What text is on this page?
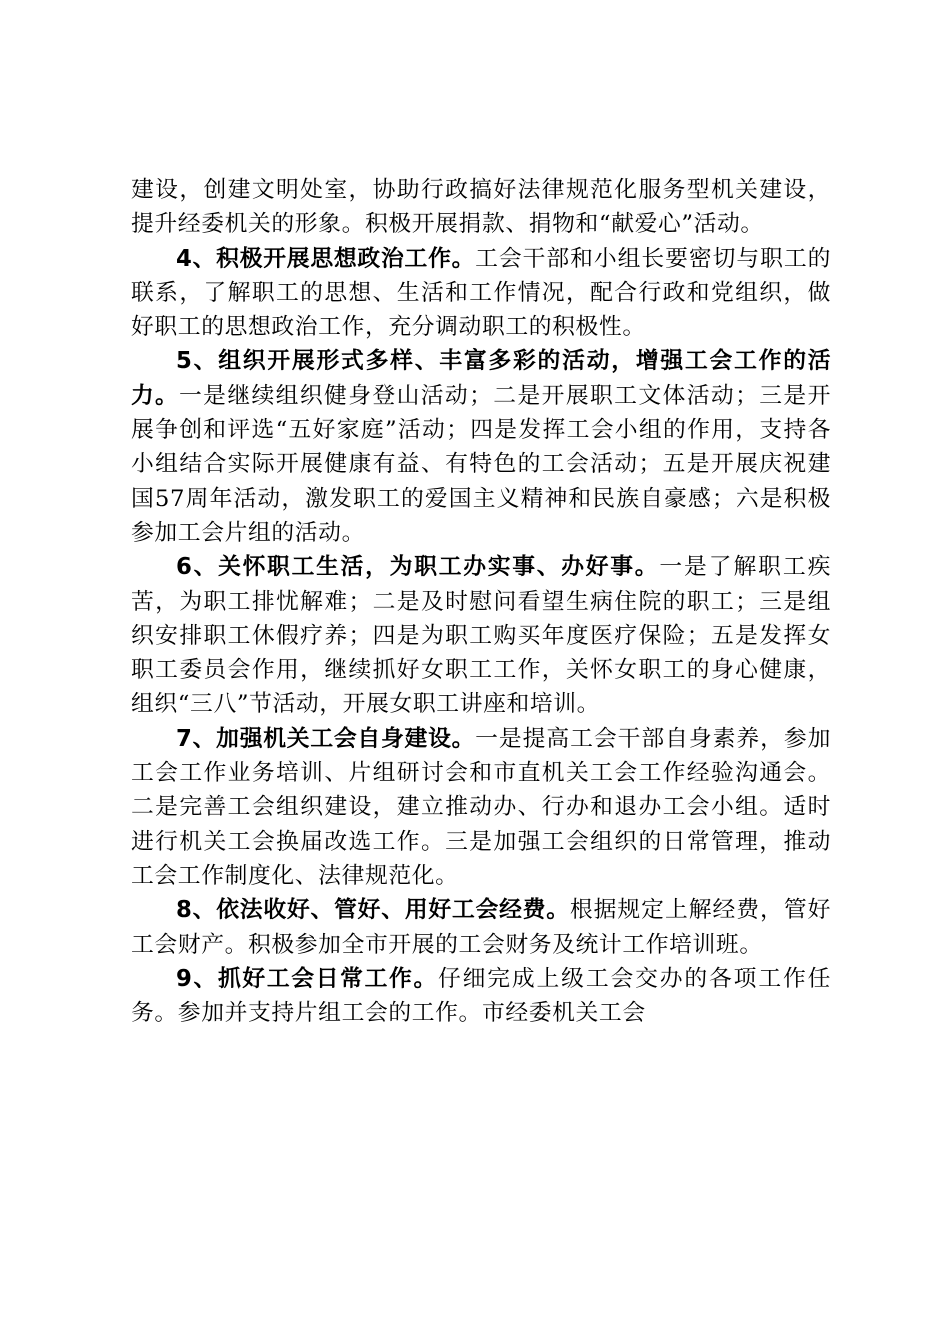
建设，创建文明处室，协助行政搞好法律规范化服务型机关建设，提升经委机关的形象。积极开展捐款、捐物和“献爱心”活动。

4、积极开展思想政治工作。工会干部和小组长要密切与职工的联系，了解职工的思想、生活和工作情况，配合行政和党组织，做好职工的思想政治工作，充分调动职工的积极性。

5、组织开展形式多样、丰富多彩的活动，增强工会工作的活力。一是继续组织健身登山活动；二是开展职工文体活动；三是开展争创和评选“五好家庭”活动；四是发挥工会小组的作用，支持各小组结合实际开展健康有益、有特色的工会活动；五是开展庆祝建国57周年活动，激发职工的爱国主义精神和民族自豪感；六是积极参加工会片组的活动。

6、关怀职工生活，为职工办实事、办好事。一是了解职工疾苦，为职工排忧解难；二是及时慰问看望生病住院的职工；三是组织安排职工休假疗养；四是为职工购买年度医疗保险；五是发挥女职工委员会作用，继续抓好女职工工作，关怀女职工的身心健康，组织“三八”节活动，开展女职工讲座和培训。

7、加强机关工会自身建设。一是提高工会干部自身素养，参加工会工作业务培训、片组研讨会和市直机关工会工作经验沟通会。二是完善工会组织建设，建立推动办、行办和退办工会小组。适时进行机关工会换届改选工作。三是加强工会组织的日常管理，推动工会工作制度化、法律规范化。

8、依法收好、管好、用好工会经费。根据规定上解经费，管好工会财产。积极参加全市开展的工会财务及统计工作培训班。

9、抓好工会日常工作。仔细完成上级工会交办的各项工作任务。参加并支持片组工会的工作。市经委机关工会
